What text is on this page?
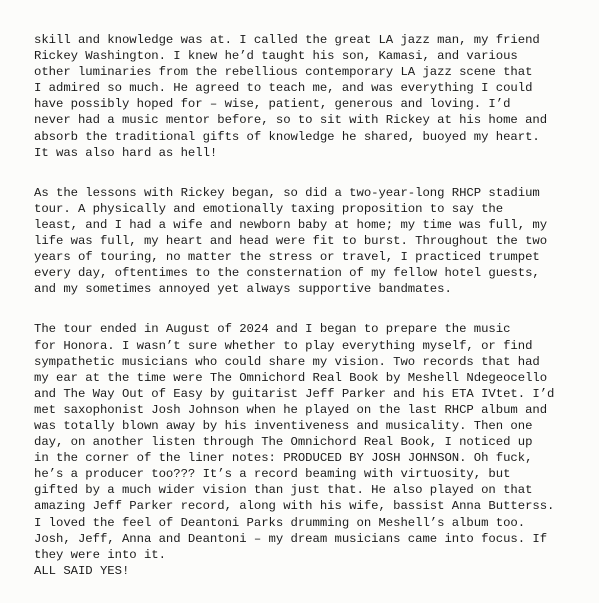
skill and knowledge was at. I called the great LA jazz man, my friend
Rickey Washington. I knew he’d taught his son, Kamasi, and various
other luminaries from the rebellious contemporary LA jazz scene that
I admired so much. He agreed to teach me, and was everything I could
have possibly hoped for – wise, patient, generous and loving. I’d
never had a music mentor before, so to sit with Rickey at his home and
absorb the traditional gifts of knowledge he shared, buoyed my heart.
It was also hard as hell!
As the lessons with Rickey began, so did a two-year-long RHCP stadium
tour. A physically and emotionally taxing proposition to say the
least, and I had a wife and newborn baby at home; my time was full, my
life was full, my heart and head were fit to burst. Throughout the two
years of touring, no matter the stress or travel, I practiced trumpet
every day, oftentimes to the consternation of my fellow hotel guests,
and my sometimes annoyed yet always supportive bandmates.
The tour ended in August of 2024 and I began to prepare the music
for Honora. I wasn’t sure whether to play everything myself, or find
sympathetic musicians who could share my vision. Two records that had
my ear at the time were The Omnichord Real Book by Meshell Ndegeocello
and The Way Out of Easy by guitarist Jeff Parker and his ETA IVtet. I’d
met saxophonist Josh Johnson when he played on the last RHCP album and
was totally blown away by his inventiveness and musicality. Then one
day, on another listen through The Omnichord Real Book, I noticed up
in the corner of the liner notes: PRODUCED BY JOSH JOHNSON. Oh fuck,
he’s a producer too??? It’s a record beaming with virtuosity, but
gifted by a much wider vision than just that. He also played on that
amazing Jeff Parker record, along with his wife, bassist Anna Butterss.
I loved the feel of Deantoni Parks drumming on Meshell’s album too.
Josh, Jeff, Anna and Deantoni – my dream musicians came into focus. If
they were into it.
ALL SAID YES!
